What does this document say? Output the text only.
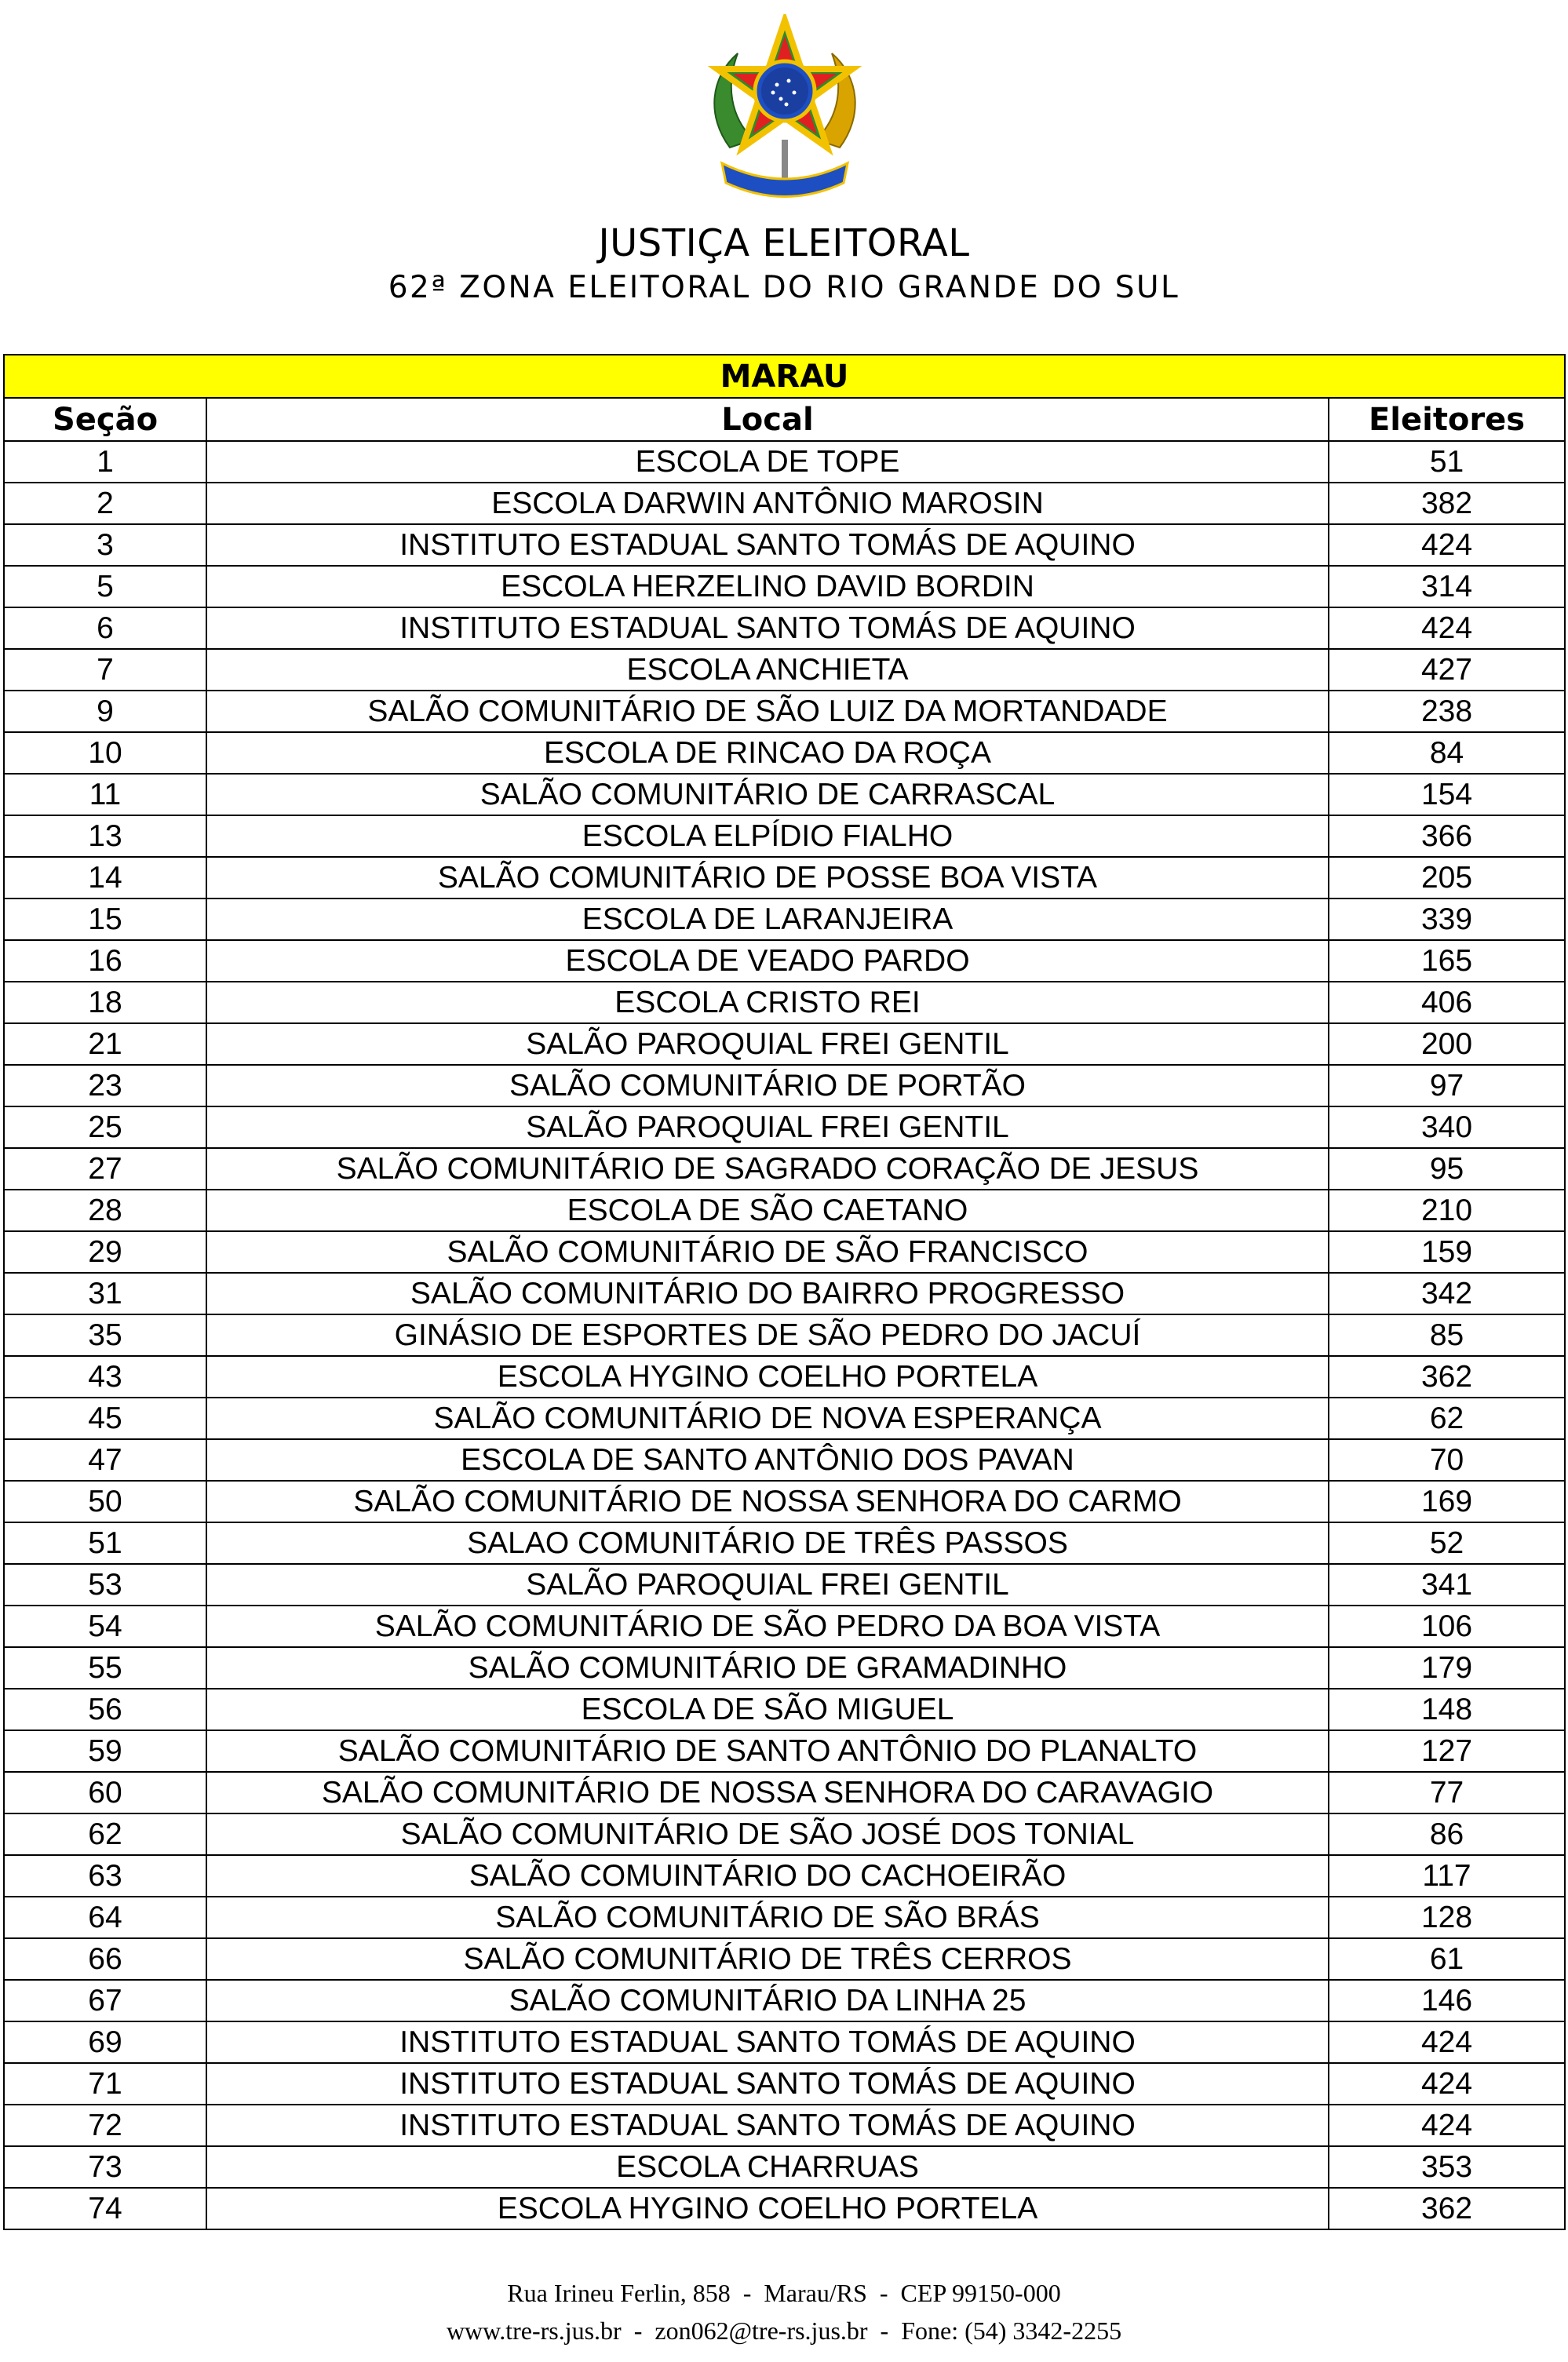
JUSTIÇA ELEITORAL
62ª ZONA ELEITORAL DO RIO GRANDE DO SUL
MARAU		
Seção	Local	Eleitores
1	ESCOLA DE TOPE	51
2	ESCOLA DARWIN ANTÔNIO MAROSIN	382
3	INSTITUTO ESTADUAL SANTO TOMÁS DE AQUINO	424
5	ESCOLA HERZELINO DAVID BORDIN	314
6	INSTITUTO ESTADUAL SANTO TOMÁS DE AQUINO	424
7	ESCOLA ANCHIETA	427
9	SALÃO COMUNITÁRIO DE SÃO LUIZ DA MORTANDADE	238
10	ESCOLA DE RINCAO DA ROÇA	84
11	SALÃO COMUNITÁRIO DE CARRASCAL	154
13	ESCOLA ELPÍDIO FIALHO	366
14	SALÃO COMUNITÁRIO DE POSSE BOA VISTA	205
15	ESCOLA DE LARANJEIRA	339
16	ESCOLA DE VEADO PARDO	165
18	ESCOLA CRISTO REI	406
21	SALÃO PAROQUIAL FREI GENTIL	200
23	SALÃO COMUNITÁRIO DE PORTÃO	97
25	SALÃO PAROQUIAL FREI GENTIL	340
27	SALÃO COMUNITÁRIO DE SAGRADO CORAÇÃO DE JESUS	95
28	ESCOLA DE SÃO CAETANO	210
29	SALÃO COMUNITÁRIO DE SÃO FRANCISCO	159
31	SALÃO COMUNITÁRIO DO BAIRRO PROGRESSO	342
35	GINÁSIO DE ESPORTES DE SÃO PEDRO DO JACUÍ	85
43	ESCOLA HYGINO COELHO PORTELA	362
45	SALÃO COMUNITÁRIO DE NOVA ESPERANÇA	62
47	ESCOLA DE SANTO ANTÔNIO DOS PAVAN	70
50	SALÃO COMUNITÁRIO DE NOSSA SENHORA DO CARMO	169
51	SALAO COMUNITÁRIO DE TRÊS PASSOS	52
53	SALÃO PAROQUIAL FREI GENTIL	341
54	SALÃO COMUNITÁRIO DE SÃO PEDRO DA BOA VISTA	106
55	SALÃO COMUNITÁRIO DE GRAMADINHO	179
56	ESCOLA DE SÃO MIGUEL	148
59	SALÃO COMUNITÁRIO DE SANTO ANTÔNIO DO PLANALTO	127
60	SALÃO COMUNITÁRIO DE NOSSA SENHORA DO CARAVAGIO	77
62	SALÃO COMUNITÁRIO DE SÃO JOSÉ DOS TONIAL	86
63	SALÃO COMUINTÁRIO DO CACHOEIRÃO	117
64	SALÃO COMUNITÁRIO DE SÃO BRÁS	128
66	SALÃO COMUNITÁRIO DE TRÊS CERROS	61
67	SALÃO COMUNITÁRIO DA LINHA 25	146
69	INSTITUTO ESTADUAL SANTO TOMÁS DE AQUINO	424
71	INSTITUTO ESTADUAL SANTO TOMÁS DE AQUINO	424
72	INSTITUTO ESTADUAL SANTO TOMÁS DE AQUINO	424
73	ESCOLA CHARRUAS	353
74	ESCOLA HYGINO COELHO PORTELA	362
Rua Irineu Ferlin, 858  -  Marau/RS  -  CEP 99150-000
www.tre-rs.jus.br  -  zon062@tre-rs.jus.br  -  Fone: (54) 3342-2255
